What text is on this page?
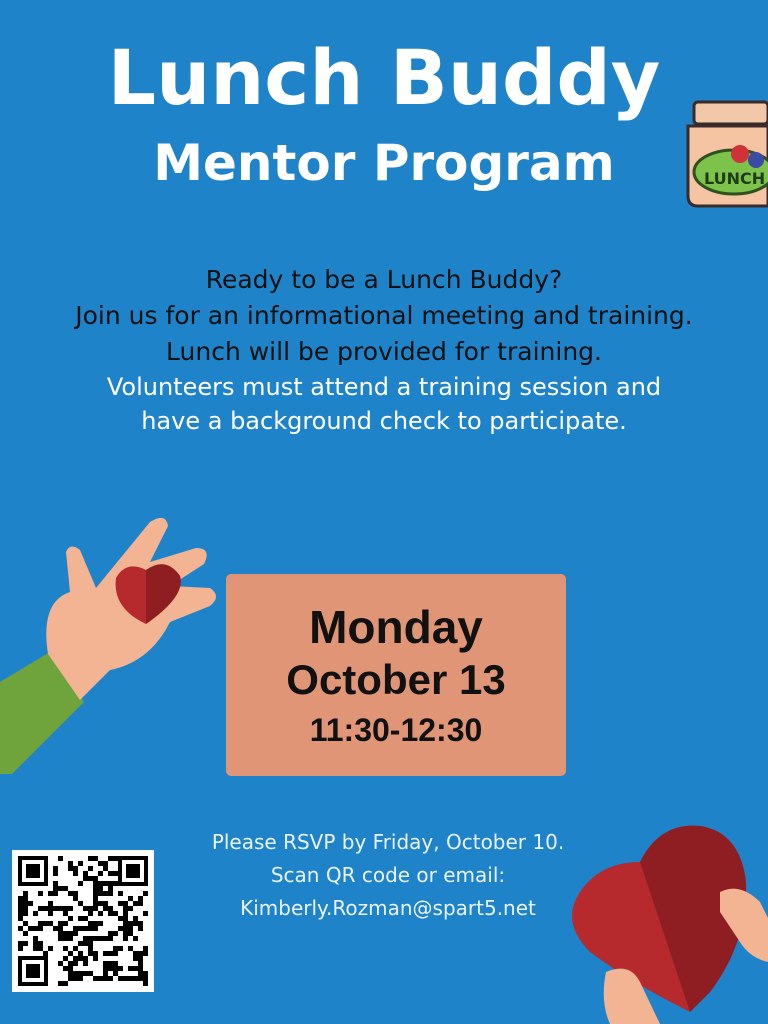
Lunch Buddy
Mentor Program	LUNCH

Ready to be a Lunch Buddy?

Join us for an informational meeting and training.

Lunch will be provided for training.

Volunteers must attend a training session and

have a background check to participate.

Monday
October 13
11:30-12:30

Please RSVP by Friday, October 10.

Scan QR code or email:

Kimberly.Rozman@spart5.net
